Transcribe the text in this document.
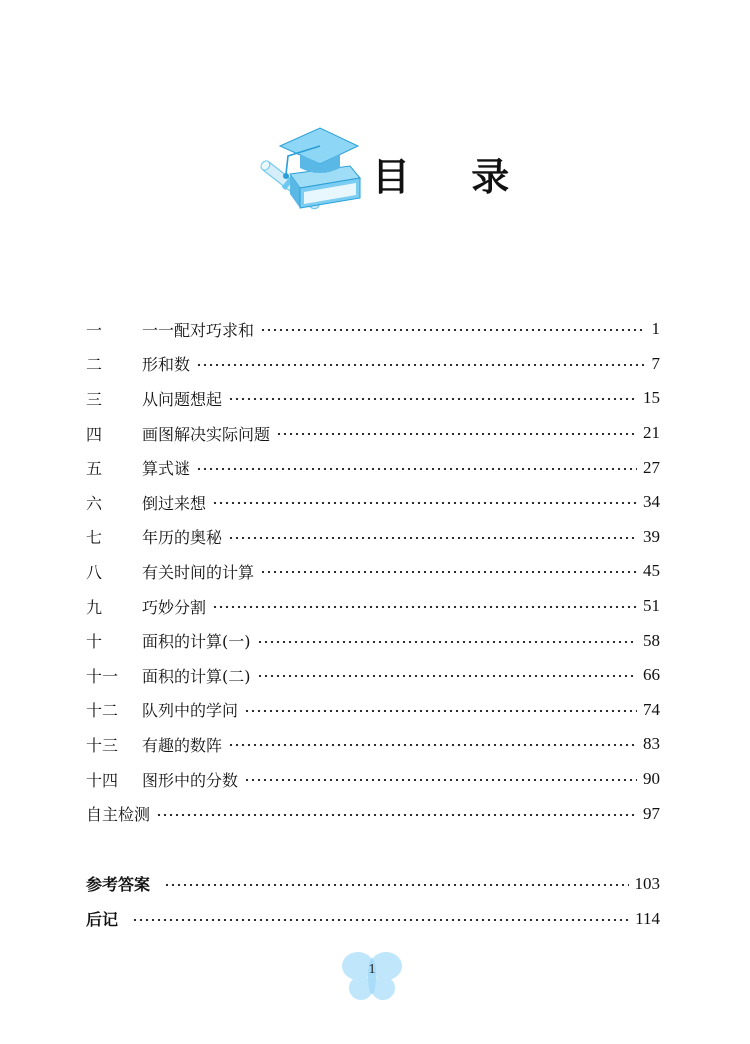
目 录
一	一一配对巧求和	1
二	形和数	7
三	从问题想起	15
四	画图解决实际问题	21
五	算式谜	27
六	倒过来想	34
七	年历的奥秘	39
八	有关时间的计算	45
九	巧妙分割	51
十	面积的计算(一)	58
十一	面积的计算(二)	66
十二	队列中的学问	74
十三	有趣的数阵	83
十四	图形中的分数	90
自主检测	97
参考答案	103
后记	114
1
